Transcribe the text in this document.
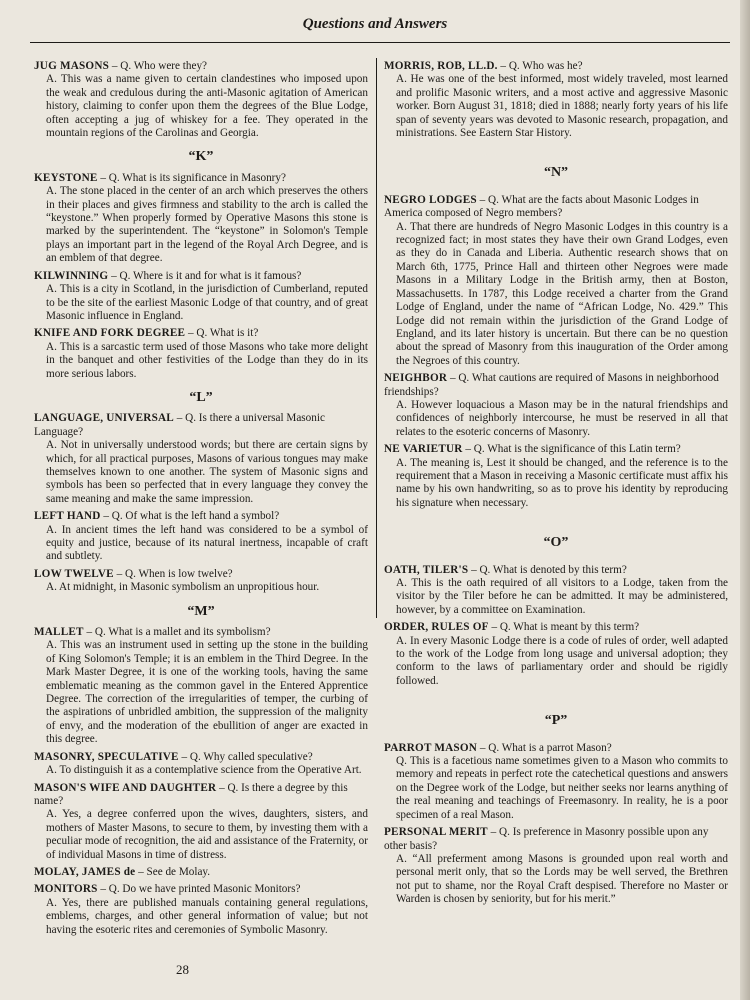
Questions and Answers

JUG MASONS – Q. Who were they?

A. This was a name given to certain clandestines who imposed upon the weak and credulous during the anti-Masonic agitation of American history, claiming to confer upon them the degrees of the Blue Lodge, often accepting a jug of whiskey for a fee. They operated in the mountain regions of the Carolinas and Georgia.

“K”

KEYSTONE – Q. What is its significance in Masonry?

A. The stone placed in the center of an arch which preserves the others in their places and gives firmness and stability to the arch is called the “keystone.” When properly formed by Operative Masons this stone is marked by the superintendent. The “keystone” in Solomon's Temple plays an important part in the legend of the Royal Arch Degree, and is an emblem of that degree.

KILWINNING – Q. Where is it and for what is it famous?

A. This is a city in Scotland, in the jurisdiction of Cumberland, reputed to be the site of the earliest Masonic Lodge of that country, and of great Masonic influence in England.

KNIFE AND FORK DEGREE – Q. What is it?

A. This is a sarcastic term used of those Masons who take more delight in the banquet and other festivities of the Lodge than they do in its more serious labors.

“L”

LANGUAGE, UNIVERSAL – Q. Is there a universal Masonic Language?

A. Not in universally understood words; but there are certain signs by which, for all practical purposes, Masons of various tongues may make themselves known to one another. The system of Masonic signs and symbols has been so perfected that in every language they convey the same meaning and make the same impression.

LEFT HAND – Q. Of what is the left hand a symbol?

A. In ancient times the left hand was considered to be a symbol of equity and justice, because of its natural inertness, incapable of craft and subtlety.

LOW TWELVE – Q. When is low twelve?

A. At midnight, in Masonic symbolism an unpropitious hour.

“M”

MALLET – Q. What is a mallet and its symbolism?

A. This was an instrument used in setting up the stone in the building of King Solomon's Temple; it is an emblem in the Third Degree. In the Mark Master Degree, it is one of the working tools, having the same emblematic meaning as the common gavel in the Entered Apprentice Degree. The correction of the irregularities of temper, the curbing of the aspirations of unbridled ambition, the suppression of the malignity of envy, and the moderation of the ebullition of anger are exacted in this degree.

MASONRY, SPECULATIVE – Q. Why called speculative?

A. To distinguish it as a contemplative science from the Operative Art.

MASON'S WIFE AND DAUGHTER – Q. Is there a degree by this name?

A. Yes, a degree conferred upon the wives, daughters, sisters, and mothers of Master Masons, to secure to them, by investing them with a peculiar mode of recognition, the aid and assistance of the Fraternity, or of individual Masons in time of distress.

MOLAY, JAMES de – See de Molay.

MONITORS – Q. Do we have printed Masonic Monitors?

A. Yes, there are published manuals containing general regulations, emblems, charges, and other general information of value; but not having the esoteric rites and ceremonies of Symbolic Masonry.

MORRIS, ROB, LL.D. – Q. Who was he?

A. He was one of the best informed, most widely traveled, most learned and prolific Masonic writers, and a most active and aggressive Masonic worker. Born August 31, 1818; died in 1888; nearly forty years of his life span of seventy years was devoted to Masonic research, propagation, and ministrations. See Eastern Star History.

“N”

NEGRO LODGES – Q. What are the facts about Masonic Lodges in America composed of Negro members?

A. That there are hundreds of Negro Masonic Lodges in this country is a recognized fact; in most states they have their own Grand Lodges, even as they do in Canada and Liberia. Authentic research shows that on March 6th, 1775, Prince Hall and thirteen other Negroes were made Masons in a Military Lodge in the British army, then at Boston, Massachusetts. In 1787, this Lodge received a charter from the Grand Lodge of England, under the name of “African Lodge, No. 429.” This Lodge did not remain within the jurisdiction of the Grand Lodge of England, and its later history is uncertain. But there can be no question about the spread of Masonry from this inauguration of the Order among the Negroes of this country.

NEIGHBOR – Q. What cautions are required of Masons in neighborhood friendships?

A. However loquacious a Mason may be in the natural friendships and confidences of neighborly intercourse, he must be reserved in all that relates to the esoteric concerns of Masonry.

NE VARIETUR – Q. What is the significance of this Latin term?

A. The meaning is, Lest it should be changed, and the reference is to the requirement that a Mason in receiving a Masonic certificate must affix his name by his own handwriting, so as to prove his identity by reproducing his signature when necessary.

“O”

OATH, TILER'S – Q. What is denoted by this term?

A. This is the oath required of all visitors to a Lodge, taken from the visitor by the Tiler before he can be admitted. It may be administered, however, by a committee on Examination.

ORDER, RULES OF – Q. What is meant by this term?

A. In every Masonic Lodge there is a code of rules of order, well adapted to the work of the Lodge from long usage and universal adoption; they conform to the laws of parliamentary order and should be rigidly followed.

“P”

PARROT MASON – Q. What is a parrot Mason?

Q. This is a facetious name sometimes given to a Mason who commits to memory and repeats in perfect rote the catechetical questions and answers on the Degree work of the Lodge, but neither seeks nor learns anything of the real meaning and teachings of Freemasonry. In reality, he is a poor specimen of a real Mason.

PERSONAL MERIT – Q. Is preference in Masonry possible upon any other basis?

A. “All preferment among Masons is grounded upon real worth and personal merit only, that so the Lords may be well served, the Brethren not put to shame, nor the Royal Craft despised. Therefore no Master or Warden is chosen by seniority, but for his merit.”

28
